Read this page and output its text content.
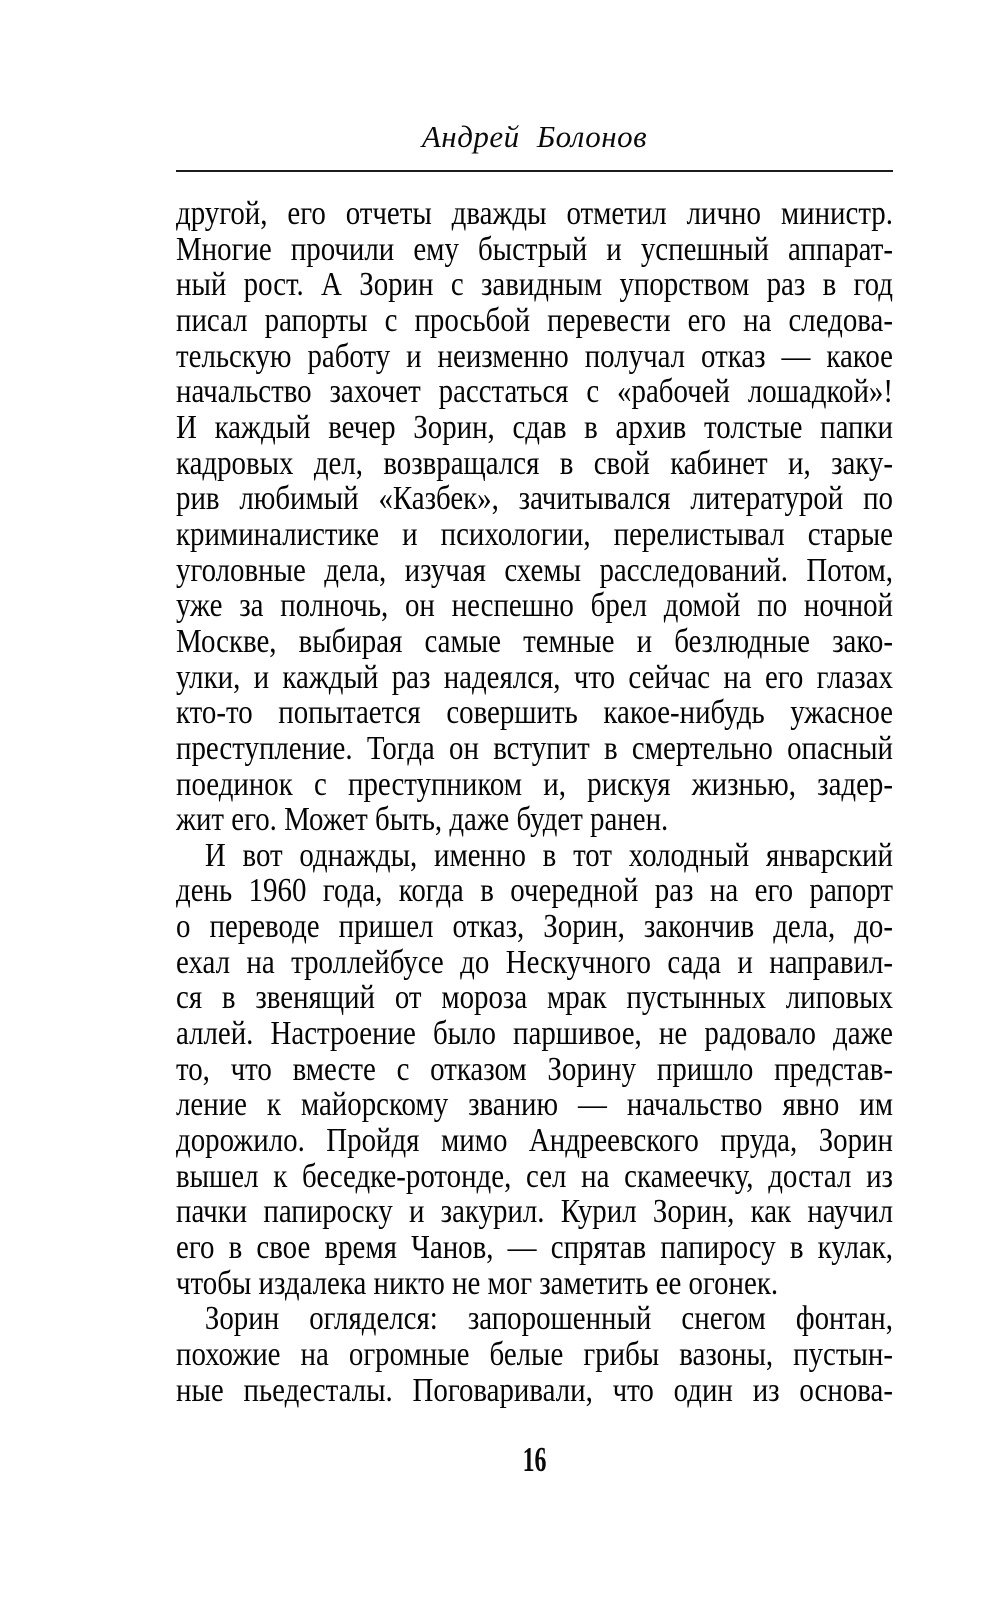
Андрей Болонов
другой, его отчеты дважды отметил лично министр.
Многие прочили ему быстрый и успешный аппарат-
ный рост. А Зорин с завидным упорством раз в год
писал рапорты с просьбой перевести его на следова-
тельскую работу и неизменно получал отказ — какое
начальство захочет расстаться с «рабочей лошадкой»!
И каждый вечер Зорин, сдав в архив толстые папки
кадровых дел, возвращался в свой кабинет и, заку-
рив любимый «Казбек», зачитывался литературой по
криминалистике и психологии, перелистывал старые
уголовные дела, изучая схемы расследований. Потом,
уже за полночь, он неспешно брел домой по ночной
Москве, выбирая самые темные и безлюдные зако-
улки, и каждый раз надеялся, что сейчас на его глазах
кто-то попытается совершить какое-нибудь ужасное
преступление. Тогда он вступит в смертельно опасный
поединок с преступником и, рискуя жизнью, задер-
жит его. Может быть, даже будет ранен.
И вот однажды, именно в тот холодный январский
день 1960 года, когда в очередной раз на его рапорт
о переводе пришел отказ, Зорин, закончив дела, до-
ехал на троллейбусе до Нескучного сада и направил-
ся в звенящий от мороза мрак пустынных липовых
аллей. Настроение было паршивое, не радовало даже
то, что вместе с отказом Зорину пришло представ-
ление к майорскому званию — начальство явно им
дорожило. Пройдя мимо Андреевского пруда, Зорин
вышел к беседке-ротонде, сел на скамеечку, достал из
пачки папироску и закурил. Курил Зорин, как научил
его в свое время Чанов, — спрятав папиросу в кулак,
чтобы издалека никто не мог заметить ее огонек.
Зорин огляделся: запорошенный снегом фонтан,
похожие на огромные белые грибы вазоны, пустын-
ные пьедесталы. Поговаривали, что один из основа-
16
